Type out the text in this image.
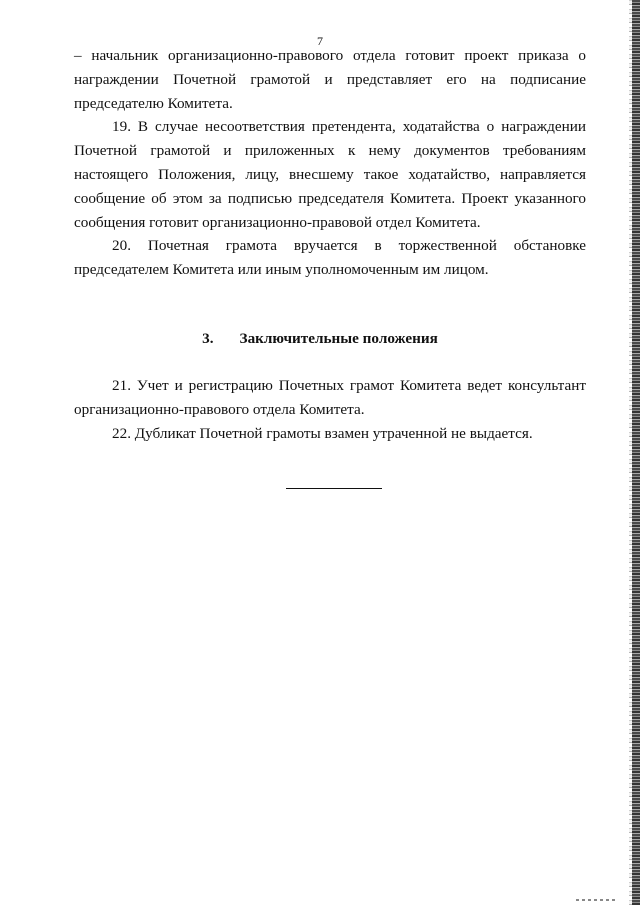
7

– начальник организационно-правового отдела готовит проект приказа о награждении Почетной грамотой и представляет его на подписание председателю Комитета.

19. В случае несоответствия претендента, ходатайства о награждении Почетной грамотой и приложенных к нему документов требованиям настоящего Положения, лицу, внесшему такое ходатайство, направляется сообщение об этом за подписью председателя Комитета. Проект указанного сообщения готовит организационно-правовой отдел Комитета.

20. Почетная грамота вручается в торжественной обстановке председателем Комитета или иным уполномоченным им лицом.

3. Заключительные положения

21. Учет и регистрацию Почетных грамот Комитета ведет консультант организационно-правового отдела Комитета.

22. Дубликат Почетной грамоты взамен утраченной не выдается.
